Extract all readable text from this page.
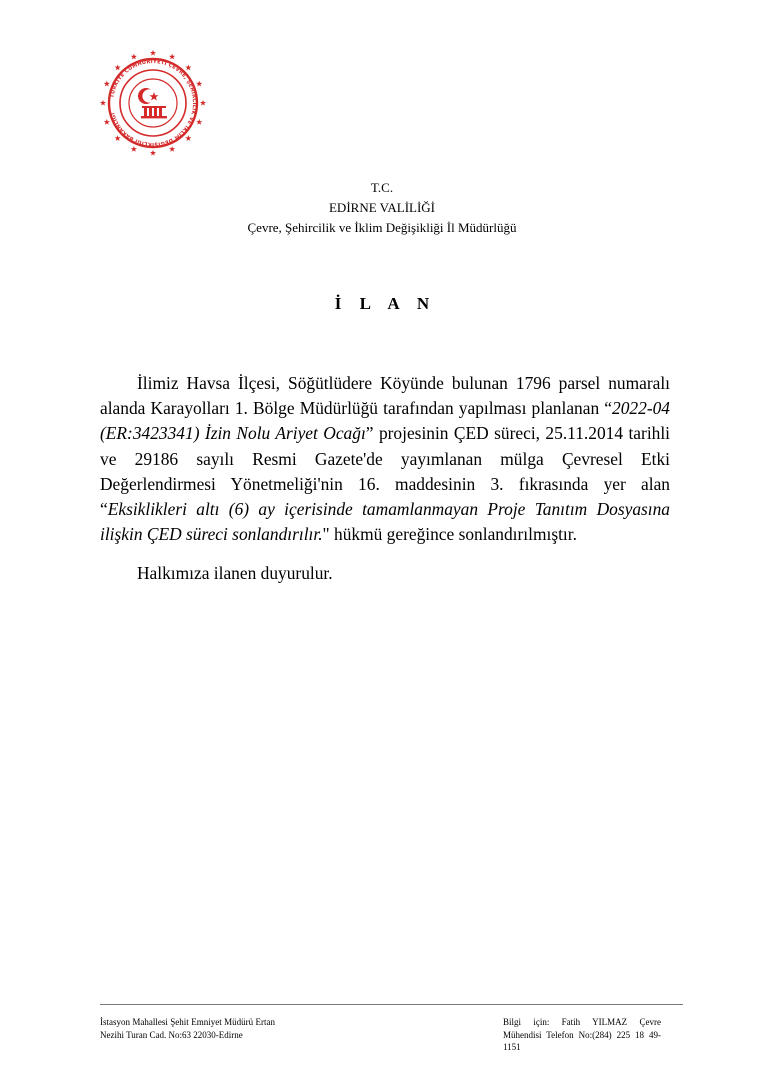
TÜRKİYE CUMHURİYETİ ÇEVRE, ŞEHİRCİLİK VE İKLİM DEĞİŞİKLİĞİ BAKANLIĞI
T.C.
EDİRNE VALİLİĞİ
Çevre, Şehircilik ve İklim Değişikliği İl Müdürlüğü
İ L A N

İlimiz Havsa İlçesi, Söğütlüdere Köyünde bulunan 1796 parsel numaralı alanda Karayolları 1. Bölge Müdürlüğü tarafından yapılması planlanan “2022-04 (ER:3423341) İzin Nolu Ariyet Ocağı” projesinin ÇED süreci, 25.11.2014 tarihli ve 29186 sayılı Resmi Gazete'de yayımlanan mülga Çevresel Etki Değerlendirmesi Yönetmeliği'nin 16. maddesinin 3. fıkrasında yer alan “Eksiklikleri altı (6) ay içerisinde tamamlanmayan Proje Tanıtım Dosyasına ilişkin ÇED süreci sonlandırılır." hükmü gereğince sonlandırılmıştır.

Halkımıza ilanen duyurulur.

İstasyon Mahallesi Şehit Emniyet Müdürü Ertan Nezihi Turan Cad. No:63 22030-Edirne
Bilgi için: Fatih YILMAZ Çevre Mühendisi Telefon No:(284) 225 18 49-1151
